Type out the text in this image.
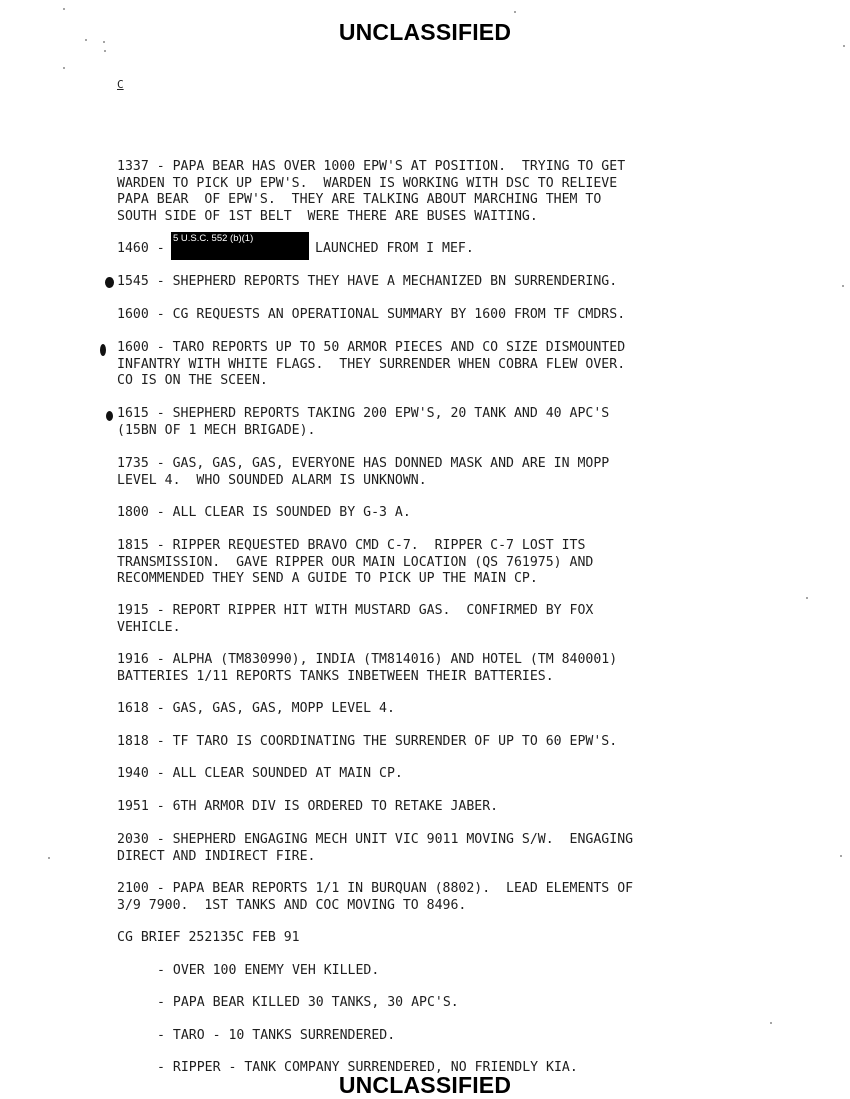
UNCLASSIFIED
C

1337 - PAPA BEAR HAS OVER 1000 EPW'S AT POSITION.  TRYING TO GET
WARDEN TO PICK UP EPW'S.  WARDEN IS WORKING WITH DSC TO RELIEVE
PAPA BEAR  OF EPW'S.  THEY ARE TALKING ABOUT MARCHING THEM TO
SOUTH SIDE OF 1ST BELT  WERE THERE ARE BUSES WAITING.

1460 -

5 U.S.C. 552 (b)(1)

LAUNCHED FROM I MEF.

1545 - SHEPHERD REPORTS THEY HAVE A MECHANIZED BN SURRENDERING.

1600 - CG REQUESTS AN OPERATIONAL SUMMARY BY 1600 FROM TF CMDRS.

1600 - TARO REPORTS UP TO 50 ARMOR PIECES AND CO SIZE DISMOUNTED
INFANTRY WITH WHITE FLAGS.  THEY SURRENDER WHEN COBRA FLEW OVER.
CO IS ON THE SCEEN.

1615 - SHEPHERD REPORTS TAKING 200 EPW'S, 20 TANK AND 40 APC'S
(15BN OF 1 MECH BRIGADE).

1735 - GAS, GAS, GAS, EVERYONE HAS DONNED MASK AND ARE IN MOPP
LEVEL 4.  WHO SOUNDED ALARM IS UNKNOWN.

1800 - ALL CLEAR IS SOUNDED BY G-3 A.

1815 - RIPPER REQUESTED BRAVO CMD C-7.  RIPPER C-7 LOST ITS
TRANSMISSION.  GAVE RIPPER OUR MAIN LOCATION (QS 761975) AND
RECOMMENDED THEY SEND A GUIDE TO PICK UP THE MAIN CP.

1915 - REPORT RIPPER HIT WITH MUSTARD GAS.  CONFIRMED BY FOX
VEHICLE.

1916 - ALPHA (TM830990), INDIA (TM814016) AND HOTEL (TM 840001)
BATTERIES 1/11 REPORTS TANKS INBETWEEN THEIR BATTERIES.

1618 - GAS, GAS, GAS, MOPP LEVEL 4.

1818 - TF TARO IS COORDINATING THE SURRENDER OF UP TO 60 EPW'S.

1940 - ALL CLEAR SOUNDED AT MAIN CP.

1951 - 6TH ARMOR DIV IS ORDERED TO RETAKE JABER.

2030 - SHEPHERD ENGAGING MECH UNIT VIC 9011 MOVING S/W.  ENGAGING
DIRECT AND INDIRECT FIRE.

2100 - PAPA BEAR REPORTS 1/1 IN BURQUAN (8802).  LEAD ELEMENTS OF
3/9 7900.  1ST TANKS AND COC MOVING TO 8496.

CG BRIEF 252135C FEB 91

- OVER 100 ENEMY VEH KILLED.

- PAPA BEAR KILLED 30 TANKS, 30 APC'S.

- TARO - 10 TANKS SURRENDERED.

- RIPPER - TANK COMPANY SURRENDERED, NO FRIENDLY KIA.

UNCLASSIFIED
